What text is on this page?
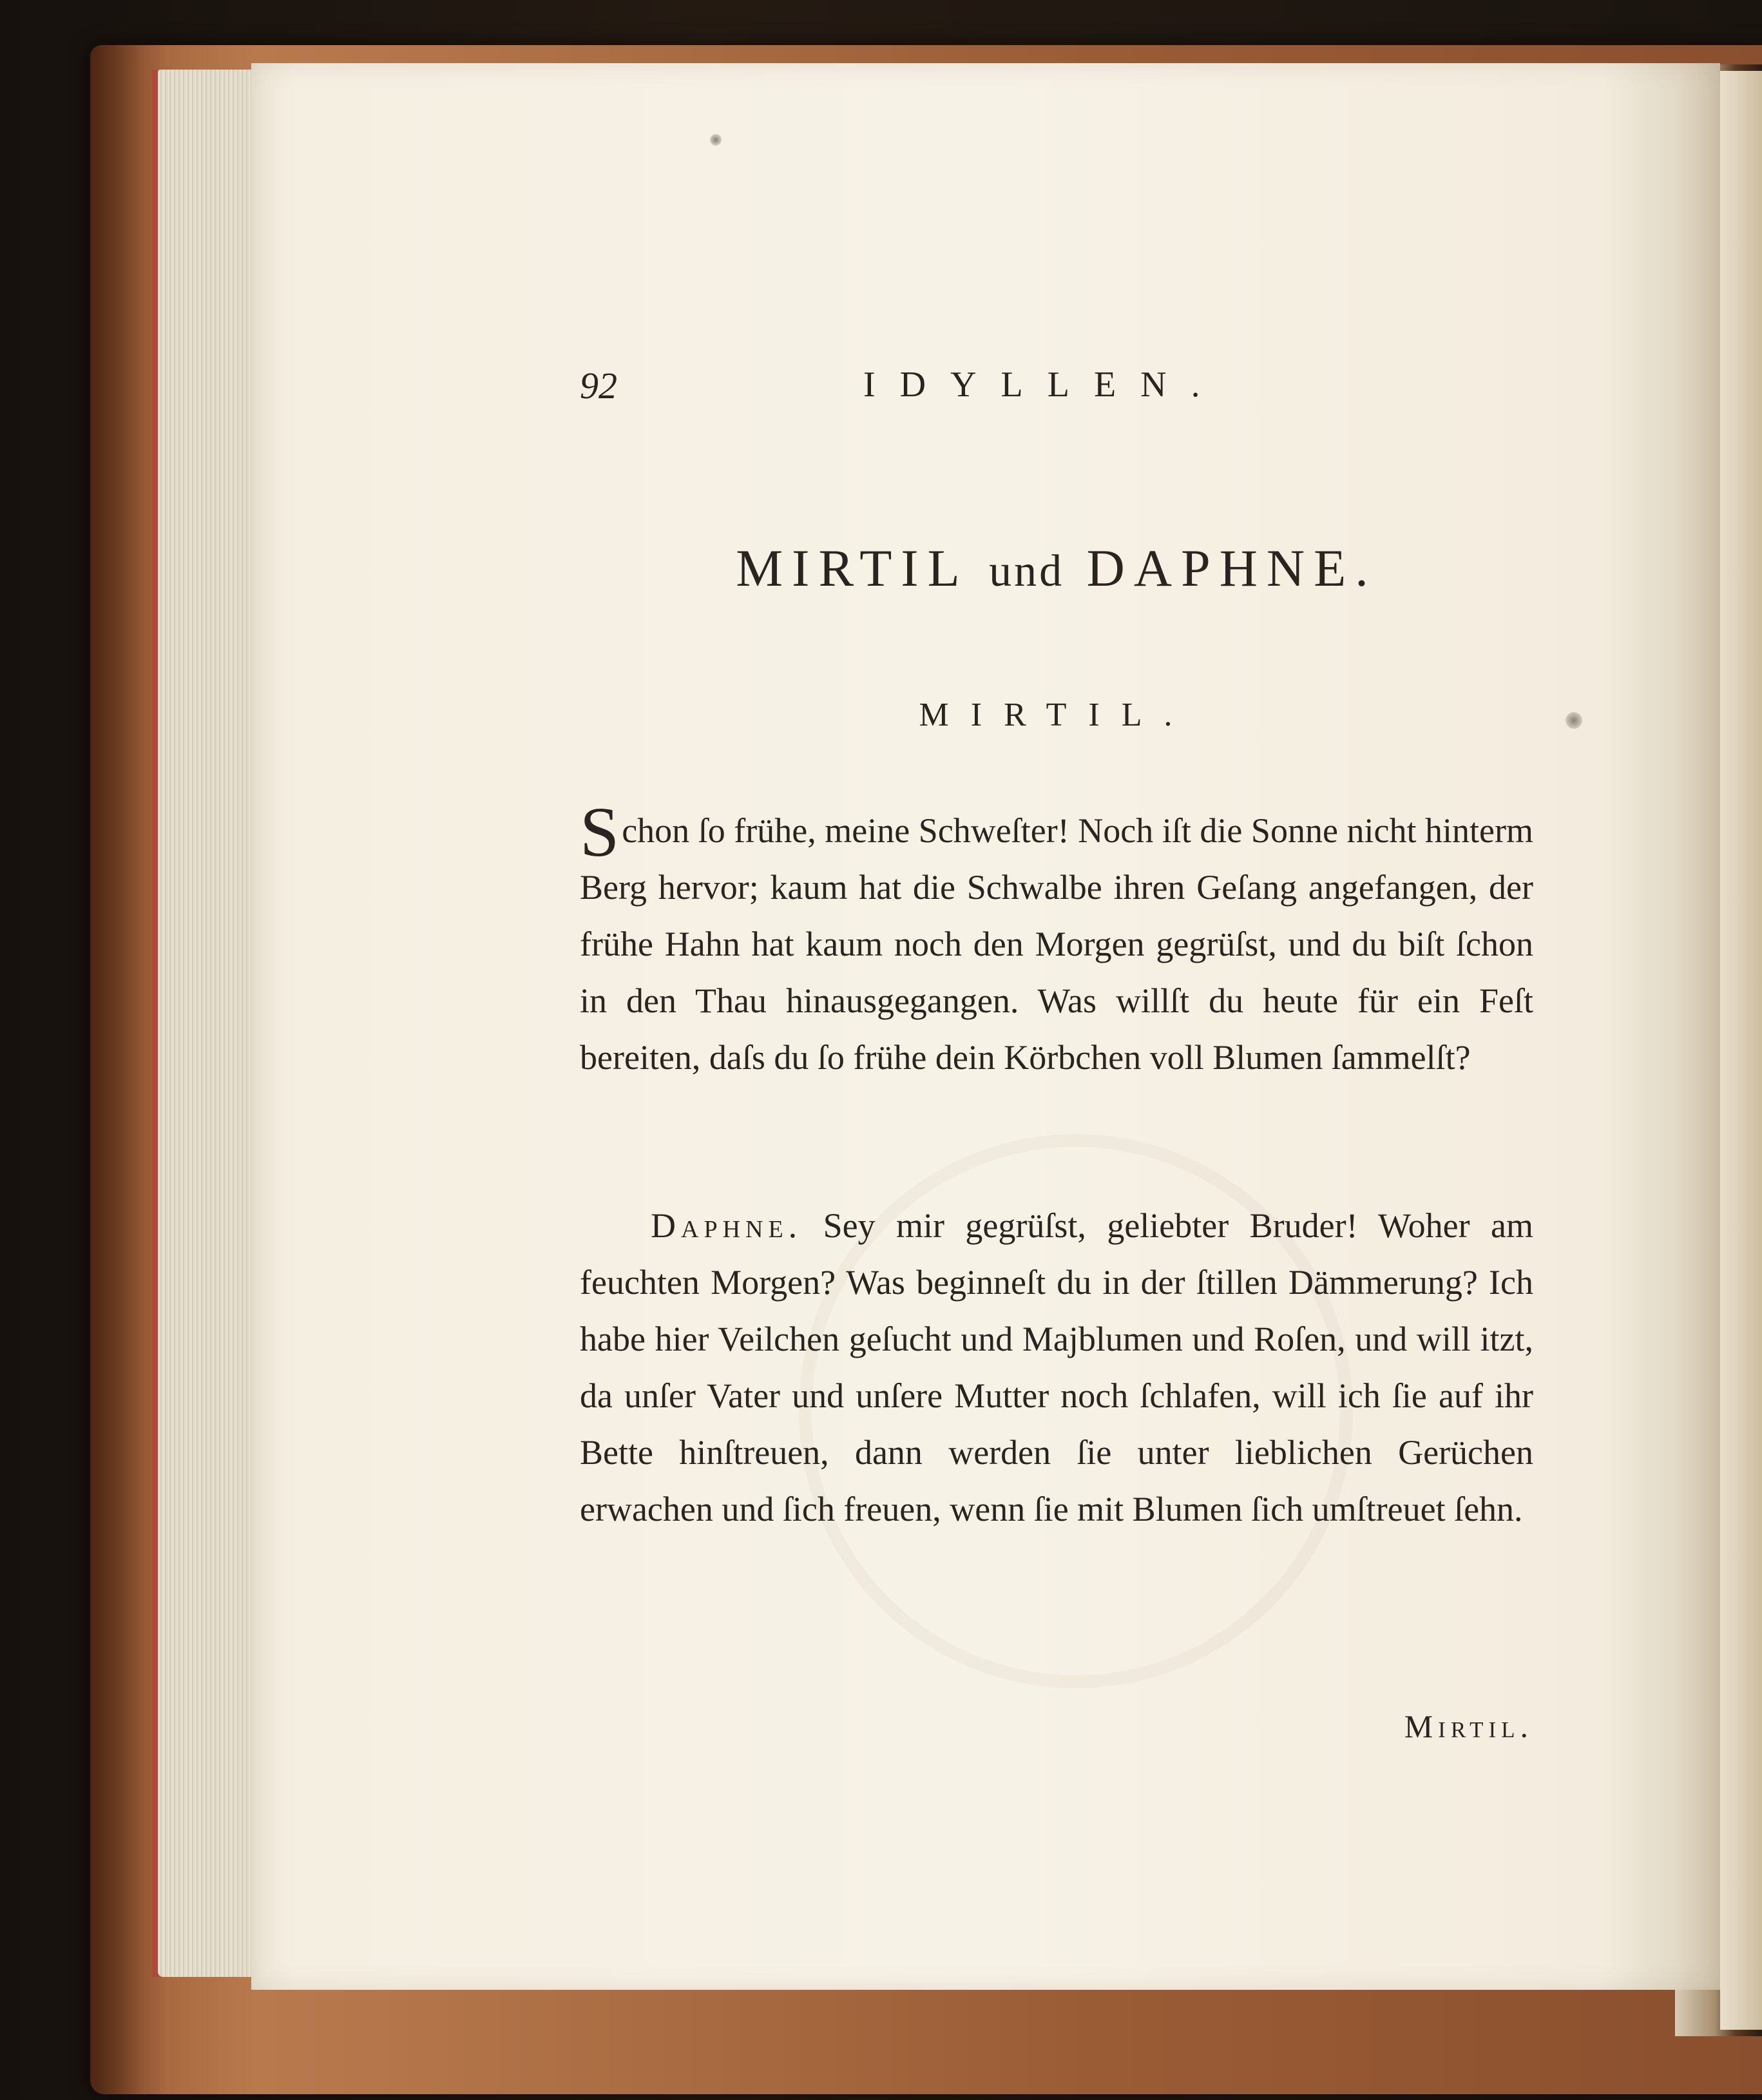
92	IDYLLEN.
MIRTIL und DAPHNE.
MIRTIL.
Schon ſo frühe, meine Schweſter! Noch iſt die Sonne nicht hinterm Berg hervor; kaum hat die Schwalbe ihren Geſang angefangen, der frühe Hahn hat kaum noch den Morgen gegrüſst, und du biſt ſchon in den Thau hinausgegangen. Was willſt du heute für ein Feſt bereiten, daſs du ſo frühe dein Körbchen voll Blumen ſammelſt?
Daphne. Sey mir gegrüſst, geliebter Bruder! Woher am feuchten Morgen? Was beginneſt du in der ſtillen Dämmerung? Ich habe hier Veilchen geſucht und Majblumen und Roſen, und will itzt, da unſer Vater und unſere Mutter noch ſchlafen, will ich ſie auf ihr Bette hinſtreuen, dann werden ſie unter lieblichen Gerüchen erwachen und ſich freuen, wenn ſie mit Blumen ſich umſtreuet ſehn.
Mirtil.
